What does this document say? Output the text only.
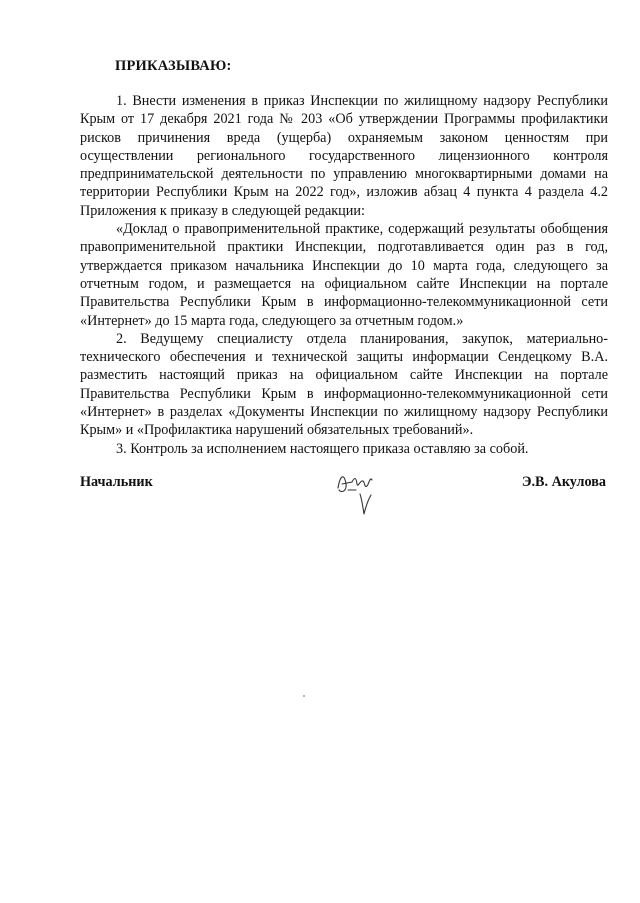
ПРИКАЗЫВАЮ:

1. Внести изменения в приказ Инспекции по жилищному надзору Республики Крым от 17 декабря 2021 года № 203 «Об утверждении Программы профилактики рисков причинения вреда (ущерба) охраняемым законом ценностям при осуществлении регионального государственного лицензионного контроля предпринимательской деятельности по управлению многоквартирными домами на территории Республики Крым на 2022 год», изложив абзац 4 пункта 4 раздела 4.2 Приложения к приказу в следующей редакции:

«Доклад о правоприменительной практике, содержащий результаты обобщения правоприменительной практики Инспекции, подготавливается один раз в год, утверждается приказом начальника Инспекции до 10 марта года, следующего за отчетным годом, и размещается на официальном сайте Инспекции на портале Правительства Республики Крым в информационно-телекоммуникационной сети «Интернет» до 15 марта года, следующего за отчетным годом.»

2. Ведущему специалисту отдела планирования, закупок, материально-технического обеспечения и технической защиты информации Сендецкому В.А. разместить настоящий приказ на официальном сайте Инспекции на портале Правительства Республики Крым в информационно-телекоммуникационной сети «Интернет» в разделах «Документы Инспекции по жилищному надзору Республики Крым» и «Профилактика нарушений обязательных требований».

3. Контроль за исполнением настоящего приказа оставляю за собой.

Начальник	Э.В. Акулова
